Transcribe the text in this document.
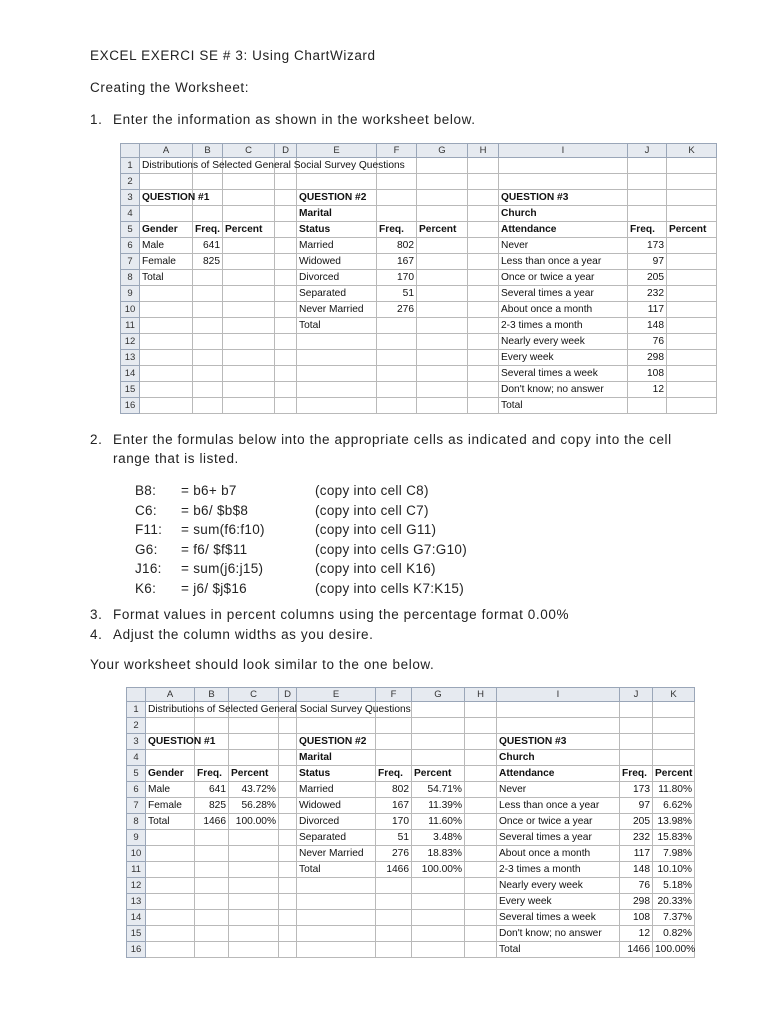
EXCEL EXERCI SE # 3: Using ChartWizard
Creating the Worksheet:
1. Enter the information as shown in the worksheet below.
	A	B	C	D	E	F	G	H	I	J	K
1	Distributions of Selected General Social Survey Questions										
2											
3	QUESTION #1				QUESTION #2				QUESTION #3		
4					Marital				Church		
5	Gender	Freq.	Percent		Status	Freq.	Percent		Attendance	Freq.	Percent
6	Male	641			Married	802			Never	173	
7	Female	825			Widowed	167			Less than once a year	97	
8	Total				Divorced	170			Once or twice a year	205	
9					Separated	51			Several times a year	232	
10					Never Married	276			About once a month	117	
11					Total				2-3 times a month	148	
12									Nearly every week	76	
13									Every week	298	
14									Several times a week	108	
15									Don't know; no answer	12	
16									Total		
2. Enter the formulas below into the appropriate cells as indicated and copy into the cell
range that is listed.
B8:	= b6+ b7	(copy into cell C8)
C6:	= b6/ $b$8	(copy into cell C7)
F11:	= sum(f6:f10)	(copy into cell G11)
G6:	= f6/ $f$11	(copy into cells G7:G10)
J16:	= sum(j6:j15)	(copy into cell K16)
K6:	= j6/ $j$16	(copy into cells K7:K15)
3. Format values in percent columns using the percentage format 0.00%
4. Adjust the column widths as you desire.
Your worksheet should look similar to the one below.
	A	B	C	D	E	F	G	H	I	J	K
1	Distributions of Selected General Social Survey Questions										
2											
3	QUESTION #1				QUESTION #2				QUESTION #3		
4					Marital				Church		
5	Gender	Freq.	Percent		Status	Freq.	Percent		Attendance	Freq.	Percent
6	Male	641	43.72%		Married	802	54.71%		Never	173	11.80%
7	Female	825	56.28%		Widowed	167	11.39%		Less than once a year	97	6.62%
8	Total	1466	100.00%		Divorced	170	11.60%		Once or twice a year	205	13.98%
9					Separated	51	3.48%		Several times a year	232	15.83%
10					Never Married	276	18.83%		About once a month	117	7.98%
11					Total	1466	100.00%		2-3 times a month	148	10.10%
12									Nearly every week	76	5.18%
13									Every week	298	20.33%
14									Several times a week	108	7.37%
15									Don't know; no answer	12	0.82%
16									Total	1466	100.00%
